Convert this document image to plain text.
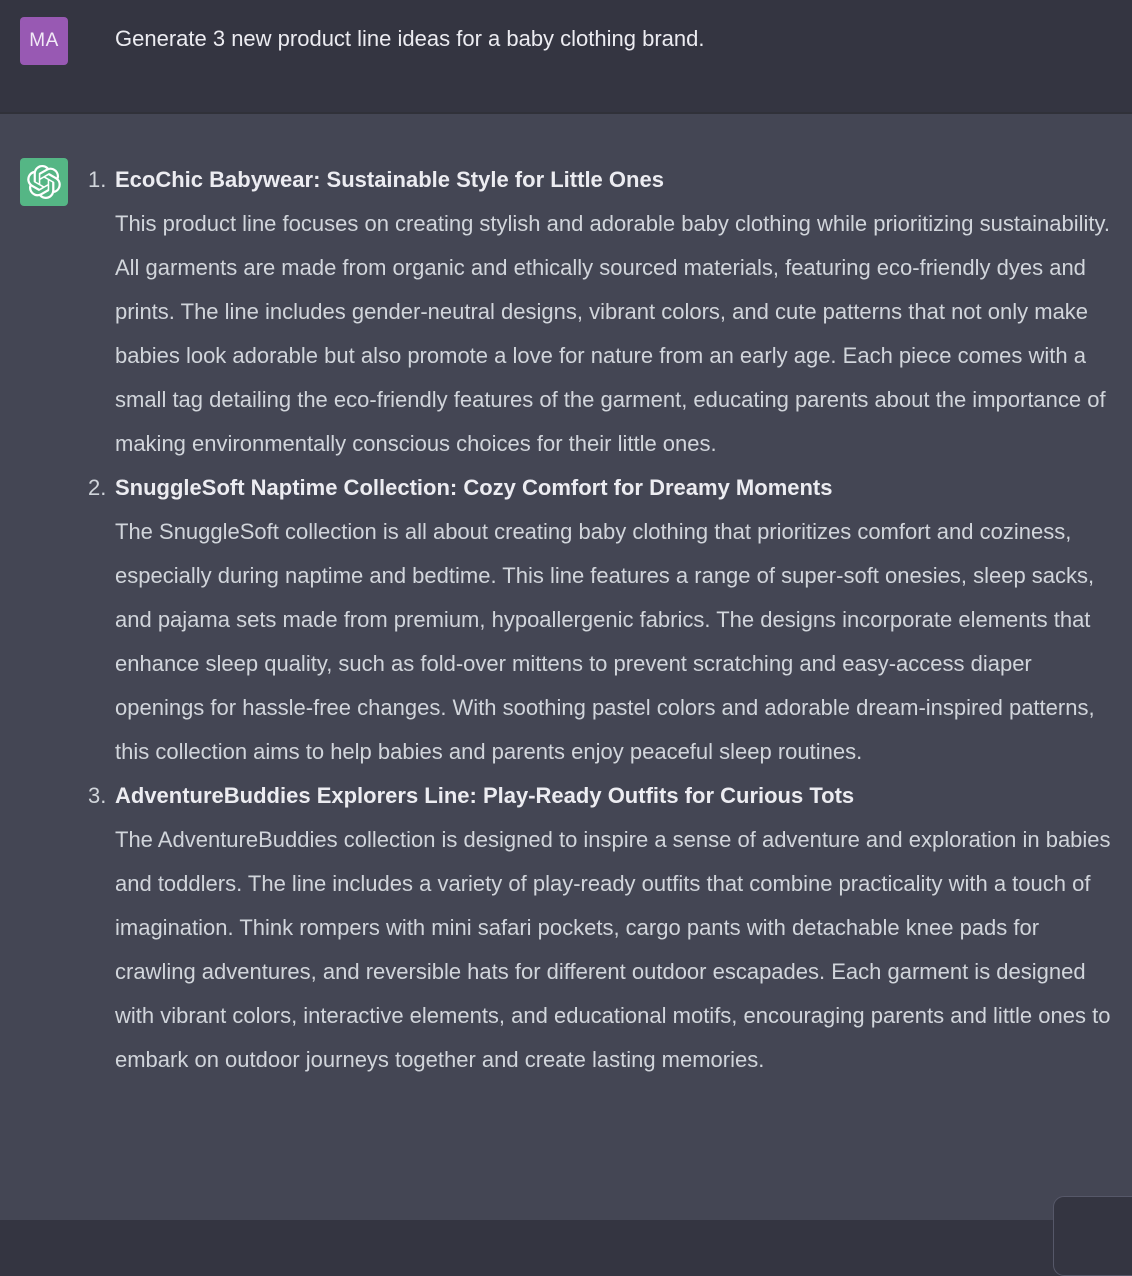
MA	Generate 3 new product line ideas for a baby clothing brand.
1. EcoChic Babywear: Sustainable Style for Little Ones
This product line focuses on creating stylish and adorable baby clothing while prioritizing sustainability. All garments are made from organic and ethically sourced materials, featuring eco-friendly dyes and prints. The line includes gender-neutral designs, vibrant colors, and cute patterns that not only make babies look adorable but also promote a love for nature from an early age. Each piece comes with a small tag detailing the eco-friendly features of the garment, educating parents about the importance of making environmentally conscious choices for their little ones.
2. SnuggleSoft Naptime Collection: Cozy Comfort for Dreamy Moments
The SnuggleSoft collection is all about creating baby clothing that prioritizes comfort and coziness, especially during naptime and bedtime. This line features a range of super-soft onesies, sleep sacks, and pajama sets made from premium, hypoallergenic fabrics. The designs incorporate elements that enhance sleep quality, such as fold-over mittens to prevent scratching and easy-access diaper openings for hassle-free changes. With soothing pastel colors and adorable dream-inspired patterns, this collection aims to help babies and parents enjoy peaceful sleep routines.
3. AdventureBuddies Explorers Line: Play-Ready Outfits for Curious Tots
The AdventureBuddies collection is designed to inspire a sense of adventure and exploration in babies and toddlers. The line includes a variety of play-ready outfits that combine practicality with a touch of imagination. Think rompers with mini safari pockets, cargo pants with detachable knee pads for crawling adventures, and reversible hats for different outdoor escapades. Each garment is designed with vibrant colors, interactive elements, and educational motifs, encouraging parents and little ones to embark on outdoor journeys together and create lasting memories.
